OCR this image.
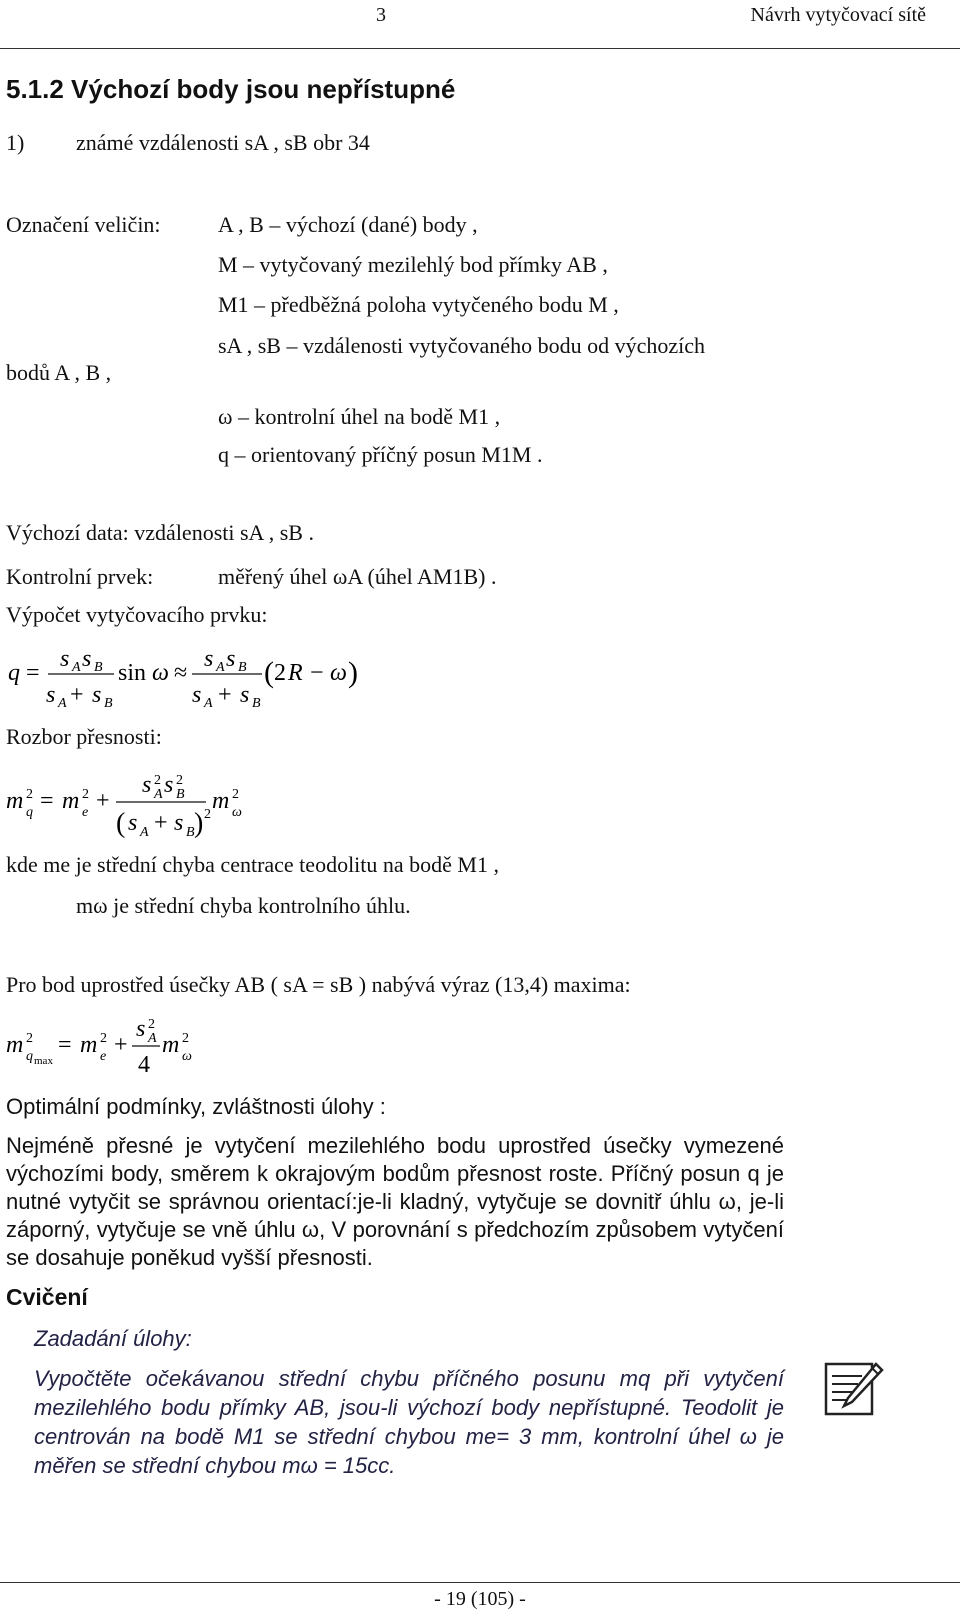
3	Návrh vytyčovací sítě
5.1.2 Výchozí body jsou nepřístupné
1) známé vzdálenosti sA , sB obr 34
Označení veličin:	A , B – výchozí (dané) body ,
M – vytyčovaný mezilehlý bod přímky AB ,
M1 – předběžná poloha vytyčeného bodu M ,
sA , sB – vzdálenosti vytyčovaného bodu od výchozích
bodů A , B ,
ω – kontrolní úhel na bodě M1 ,
q – orientovaný příčný posun M1M .
Výchozí data: vzdálenosti sA , sB .
Kontrolní prvek:	měřený úhel ωA (úhel AM1B) .
Výpočet vytyčovacího prvku:
q =
s A s B
s A + s B
sin ω ≈
s A s B
s A + s B
( 2 R − ω )
Rozbor přesnosti:
m q
2 = m e
2 +
s 2
A s 2
B
( s A + s B ) 2
m ω
2
kde me je střední chyba centrace teodolitu na bodě M1 ,
mω je střední chyba kontrolního úhlu.
Pro bod uprostřed úsečky AB ( sA = sB ) nabývá výraz (13,4) maxima:
m q max
2 = m e
2 +
s 2
A
4
m ω
2
Optimální podmínky, zvláštnosti úlohy :
Nejméně přesné je vytyčení mezilehlého bodu uprostřed úsečky vymezené výchozími body, směrem k okrajovým bodům přesnost roste. Příčný posun q je nutné vytyčit se správnou orientací:je-li kladný, vytyčuje se dovnitř úhlu ω, je-li záporný, vytyčuje se vně úhlu ω, V porovnání s předchozím způsobem vytyčení se dosahuje poněkud vyšší přesnosti.
Cvičení
Zadadání úlohy:
Vypočtěte očekávanou střední chybu příčného posunu mq při vytyčení mezilehlého bodu přímky AB, jsou-li výchozí body nepřístupné. Teodolit je centrován na bodě M1 se střední chybou me= 3 mm, kontrolní úhel ω je měřen se střední chybou mω = 15cc.
- 19 (105) -
